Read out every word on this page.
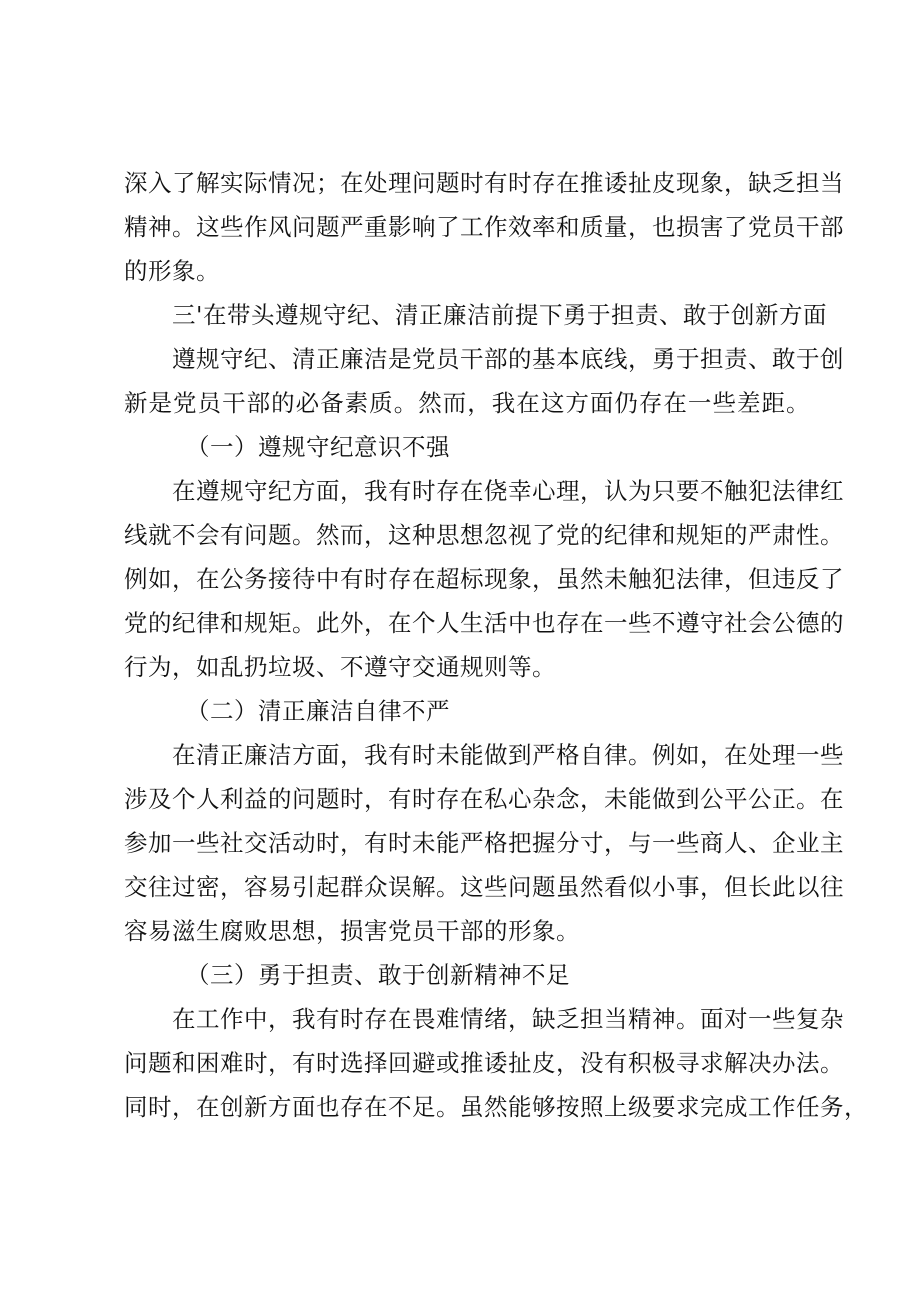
深入了解实际情况；在处理问题时有时存在推诿扯皮现象，缺乏担当
精神。这些作风问题严重影响了工作效率和质量，也损害了党员干部
的形象。
三'在带头遵规守纪、清正廉洁前提下勇于担责、敢于创新方面
遵规守纪、清正廉洁是党员干部的基本底线，勇于担责、敢于创
新是党员干部的必备素质。然而，我在这方面仍存在一些差距。
（一）遵规守纪意识不强
在遵规守纪方面，我有时存在侥幸心理，认为只要不触犯法律红
线就不会有问题。然而，这种思想忽视了党的纪律和规矩的严肃性。
例如，在公务接待中有时存在超标现象，虽然未触犯法律，但违反了
党的纪律和规矩。此外，在个人生活中也存在一些不遵守社会公德的
行为，如乱扔垃圾、不遵守交通规则等。
（二）清正廉洁自律不严
在清正廉洁方面，我有时未能做到严格自律。例如，在处理一些
涉及个人利益的问题时，有时存在私心杂念，未能做到公平公正。在
参加一些社交活动时，有时未能严格把握分寸，与一些商人、企业主
交往过密，容易引起群众误解。这些问题虽然看似小事，但长此以往
容易滋生腐败思想，损害党员干部的形象。
（三）勇于担责、敢于创新精神不足
在工作中，我有时存在畏难情绪，缺乏担当精神。面对一些复杂
问题和困难时，有时选择回避或推诿扯皮，没有积极寻求解决办法。
同时，在创新方面也存在不足。虽然能够按照上级要求完成工作任务，
